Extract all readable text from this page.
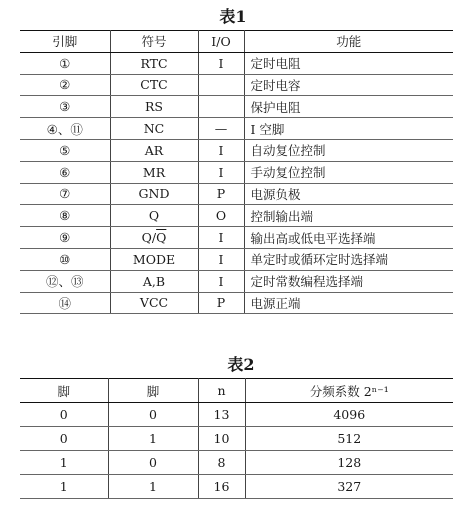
表1
引脚	符号	I/O	功能
①	RTC	I	定时电阻
②	CTC		定时电容
③	RS		保护电阻
④、⑪	NC	—	I 空脚
⑤	AR	I	自动复位控制
⑥	MR	I	手动复位控制
⑦	GND	P	电源负极
⑧	Q	O	控制输出端
⑨	$Q/\overline{Q}$	I	输出高或低电平选择端
⑩	MODE	I	单定时或循环定时选择端
⑫、⑬	A,B	I	定时常数编程选择端
⑭	VCC	P	电源正端
表2
脚	脚	n	分频系数 2ⁿ⁻¹
0	0	13	4096
0	1	10	512
1	0	8	128
1	1	16	327
